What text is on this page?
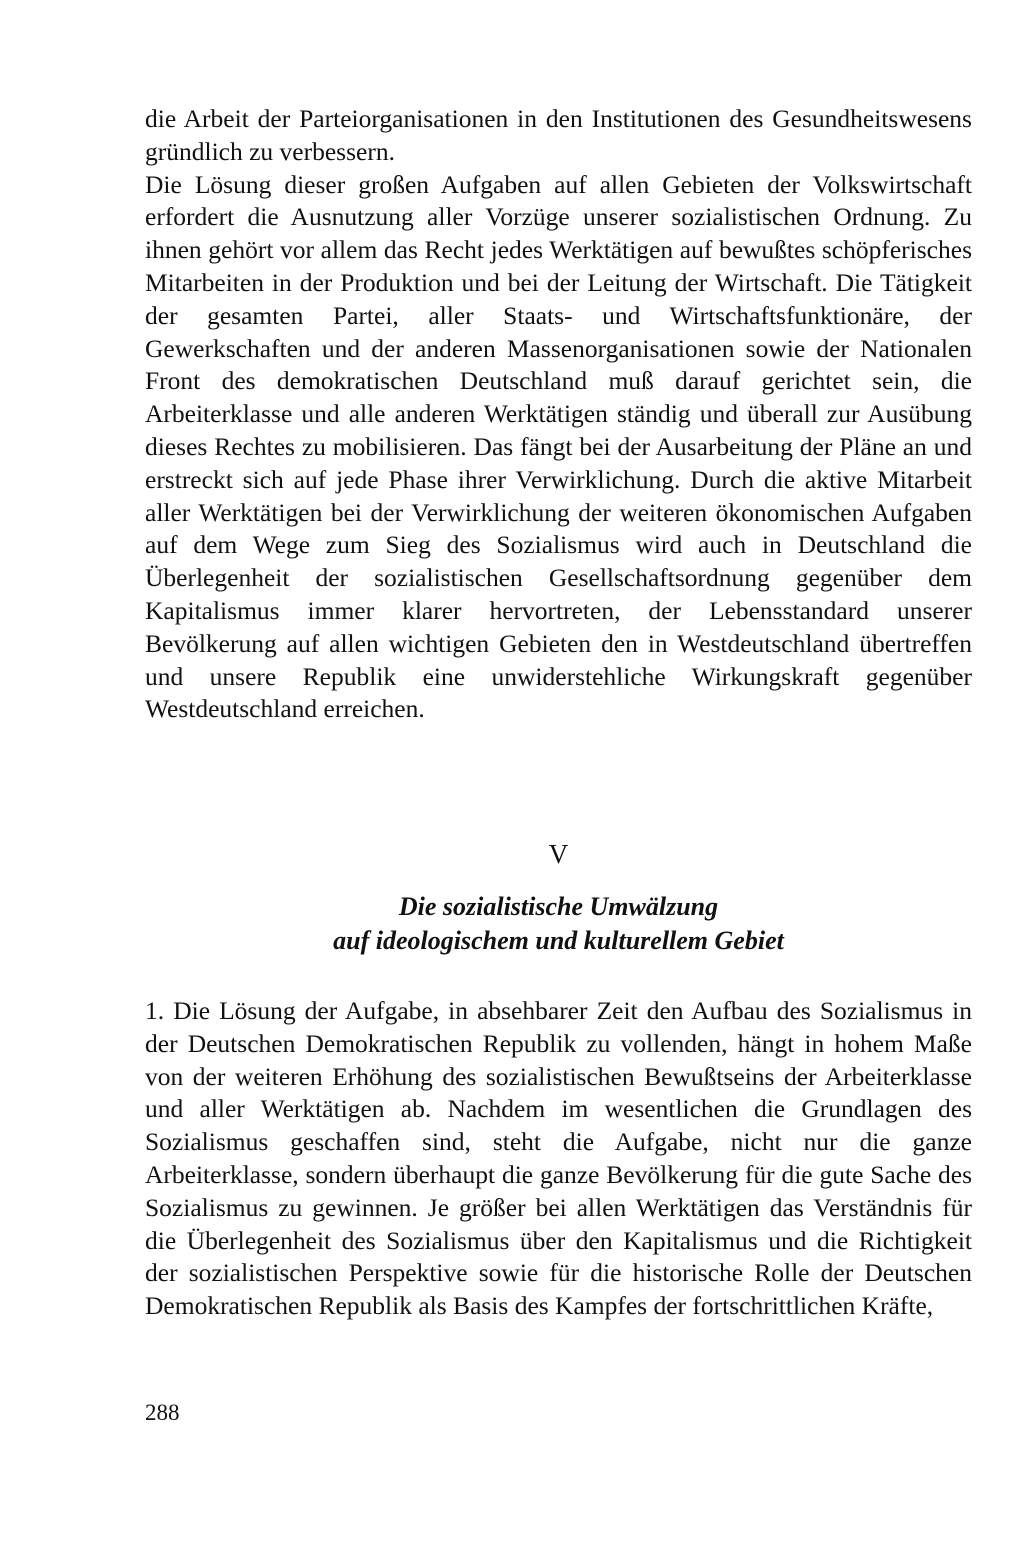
die Arbeit der Parteiorganisationen in den Institutionen des Gesundheitswesens gründlich zu verbessern.

Die Lösung dieser großen Aufgaben auf allen Gebieten der Volkswirtschaft erfordert die Ausnutzung aller Vorzüge unserer sozialistischen Ordnung. Zu ihnen gehört vor allem das Recht jedes Werktätigen auf bewußtes schöpferisches Mitarbeiten in der Produktion und bei der Leitung der Wirtschaft. Die Tätigkeit der gesamten Partei, aller Staats- und Wirtschaftsfunktionäre, der Gewerkschaften und der anderen Massenorganisationen sowie der Nationalen Front des demokratischen Deutschland muß darauf gerichtet sein, die Arbeiterklasse und alle anderen Werktätigen ständig und überall zur Ausübung dieses Rechtes zu mobilisieren. Das fängt bei der Ausarbeitung der Pläne an und erstreckt sich auf jede Phase ihrer Verwirklichung. Durch die aktive Mitarbeit aller Werktätigen bei der Verwirklichung der weiteren ökonomischen Aufgaben auf dem Wege zum Sieg des Sozialismus wird auch in Deutschland die Überlegenheit der sozialistischen Gesellschaftsordnung gegenüber dem Kapitalismus immer klarer hervortreten, der Lebensstandard unserer Bevölkerung auf allen wichtigen Gebieten den in Westdeutschland übertreffen und unsere Republik eine unwiderstehliche Wirkungskraft gegenüber Westdeutschland erreichen.

V

Die sozialistische Umwälzung
auf ideologischem und kulturellem Gebiet

1. Die Lösung der Aufgabe, in absehbarer Zeit den Aufbau des Sozialismus in der Deutschen Demokratischen Republik zu vollenden, hängt in hohem Maße von der weiteren Erhöhung des sozialistischen Bewußtseins der Arbeiterklasse und aller Werktätigen ab. Nachdem im wesentlichen die Grundlagen des Sozialismus geschaffen sind, steht die Aufgabe, nicht nur die ganze Arbeiterklasse, sondern überhaupt die ganze Bevölkerung für die gute Sache des Sozialismus zu gewinnen. Je größer bei allen Werktätigen das Verständnis für die Überlegenheit des Sozialismus über den Kapitalismus und die Richtigkeit der sozialistischen Perspektive sowie für die historische Rolle der Deutschen Demokratischen Republik als Basis des Kampfes der fortschrittlichen Kräfte,

288
